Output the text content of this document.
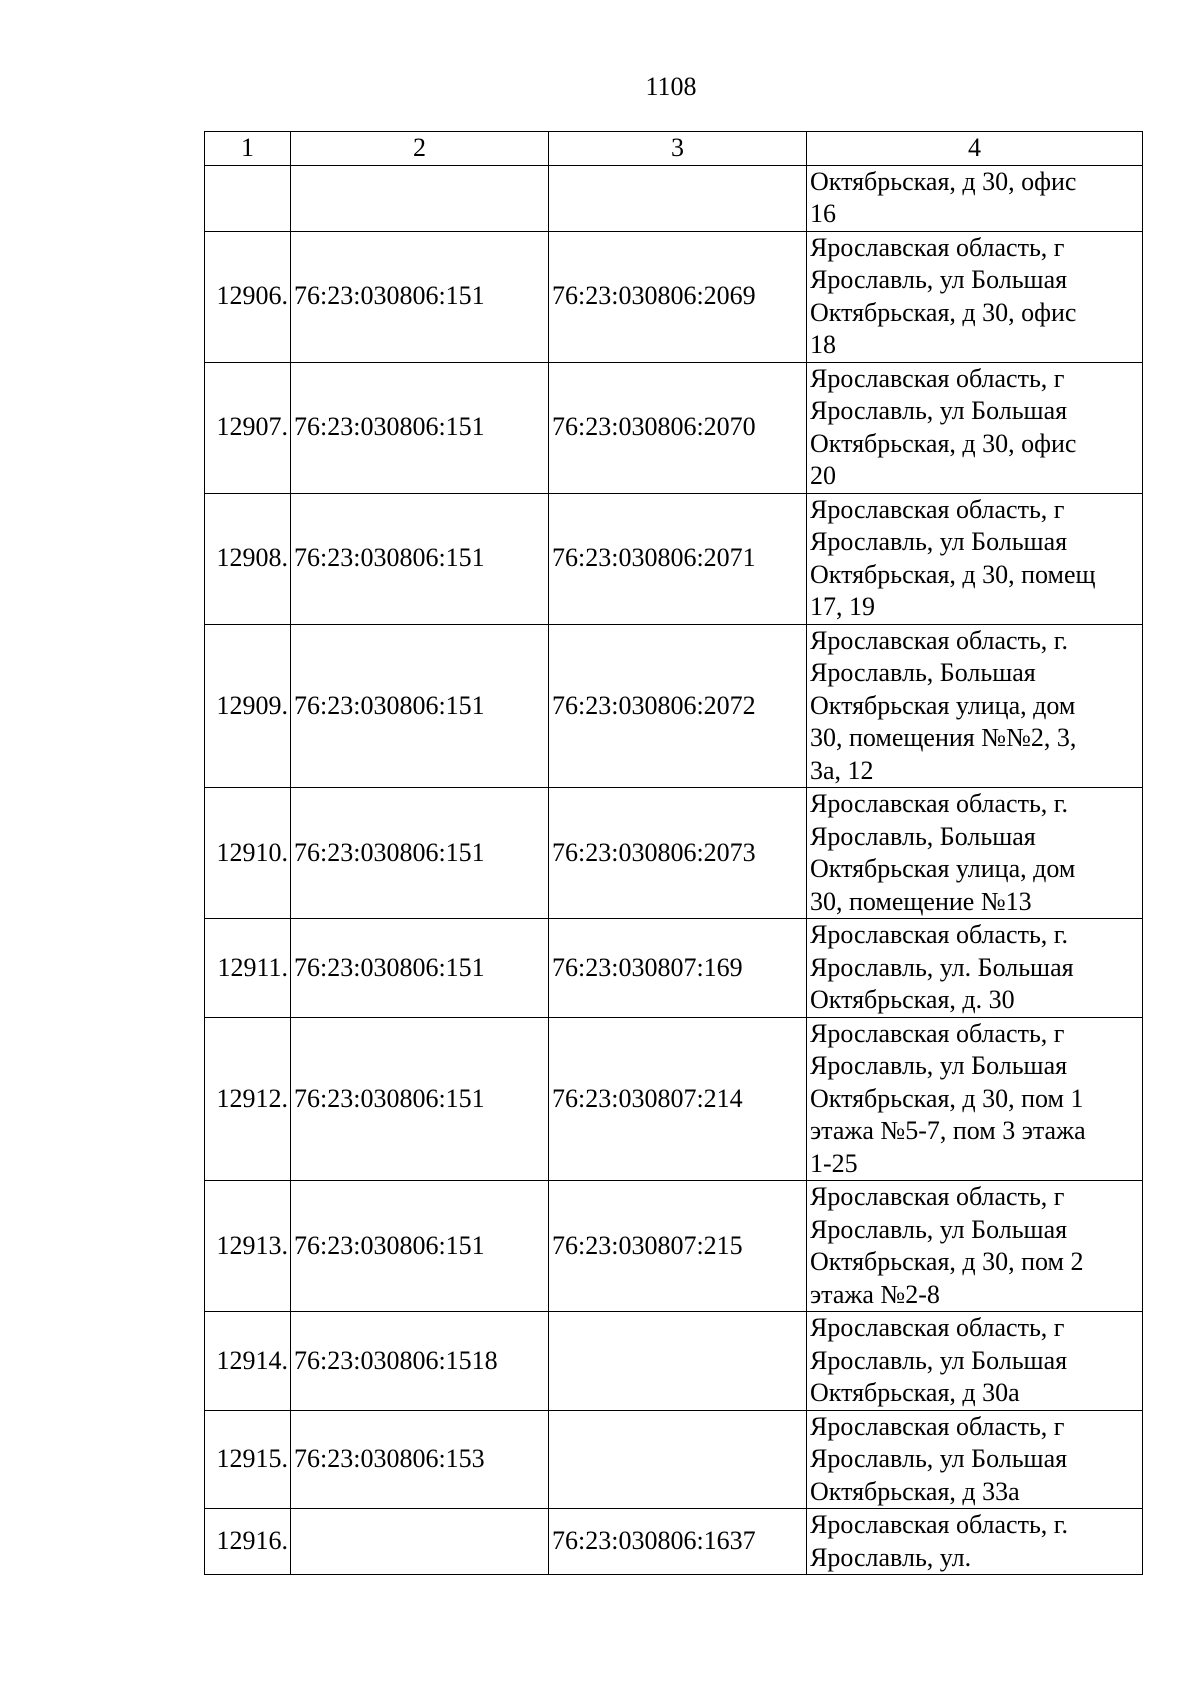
1108
1	2	3	4
			Октябрьская, д 30, офис
16
12906.	76:23:030806:151	76:23:030806:2069	Ярославская область, г
Ярославль, ул Большая
Октябрьская, д 30, офис
18
12907.	76:23:030806:151	76:23:030806:2070	Ярославская область, г
Ярославль, ул Большая
Октябрьская, д 30, офис
20
12908.	76:23:030806:151	76:23:030806:2071	Ярославская область, г
Ярославль, ул Большая
Октябрьская, д 30, помещ
17, 19
12909.	76:23:030806:151	76:23:030806:2072	Ярославская область, г.
Ярославль, Большая
Октябрьская улица, дом
30, помещения №№2, 3,
3а, 12
12910.	76:23:030806:151	76:23:030806:2073	Ярославская область, г.
Ярославль, Большая
Октябрьская улица, дом
30, помещение №13
12911.	76:23:030806:151	76:23:030807:169	Ярославская область, г.
Ярославль, ул. Большая
Октябрьская, д. 30
12912.	76:23:030806:151	76:23:030807:214	Ярославская область, г
Ярославль, ул Большая
Октябрьская, д 30, пом 1
этажа №5-7, пом 3 этажа
1-25
12913.	76:23:030806:151	76:23:030807:215	Ярославская область, г
Ярославль, ул Большая
Октябрьская, д 30, пом 2
этажа №2-8
12914.	76:23:030806:1518		Ярославская область, г
Ярославль, ул Большая
Октябрьская, д 30а
12915.	76:23:030806:153		Ярославская область, г
Ярославль, ул Большая
Октябрьская, д 33а
12916.		76:23:030806:1637	Ярославская область, г.
Ярославль, ул.
